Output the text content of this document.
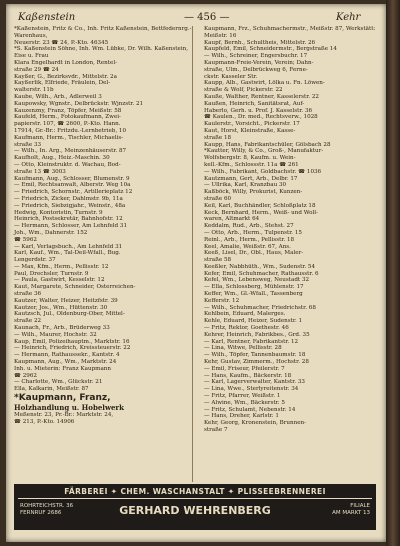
Kaßenstein	— 456 —	Kehr

*Kaßenstein, Fritz & Co., Inh. Fritz Kaßenstein, Bettfedernrg.-Warenhaus,

Neuerstr. 23 ☎ 24, P.-Kto. 46345

*S. Kaßenstein Söhne, Inh. Wm. Lübke, Dr. Wilh. Kaßenstein, Eise u. Frau

Klara Engelhardt in London, Rentel-

straße 29 ☎ 24

Kayßer, G., Bezirksvdr., Mittelstr. 2a

Kayßerlik, Elfriede, Fräulein, Del-

walterstr. 11b

Kaube, Wilh., Arb., Adlerweil 3

Kaupowsky, Wgnstr., Delbrückstr. Wjnzstr. 21

Kauzenzny, Franz, Töpfer, Meißstr. 58

Kaufeld, Herm., Fotokaufmann, Zwei-

papierstr. 107, ☎ 2600, P.-Kto. Hann.

17914, Gr.-Br.: Fritzdu.-Lernbetrieb, 10

Kaufmann, Herm., Tischler, Michaelis-

straße 33

— Wilh., In. Arg., Meinzenhäuserstr. 87

Kaufholt, Aug., Heiz.-Maschin. 30

— Otto, Kleinstruktr. d. Wachau, Bod-

straße 13 ☎ 3003

Kaufmann, Aug., Schlosser, Blumenstr. 9

— Emil, Rechtsanwalt, Alberstr. Weg 10a

— Friedrich, Schornstr., Artillerieplatz 12

— Friedrich, Zicker, Dahlmstr. 9b, 11a

— Friedrich, Siebzigjahr., Weinstr., 48a

Hedwig, Kontoristin, Turnstr. 9

Heinrich, Postsekretär, Bahnhofstr. 12

— Hermann, Schlosser, Am Lehnfeld 31

Joh., Wm., Dahnerstr. 152

☎ 5962

— Karl, Verlagsbuch., Am Lehnfeld 31

Karl, Kauf., Wm., Tal-Deil-Wfall., Bug.

Lengerdstr. 37

— Max, Kfm., Herm., Pellisstr. 12

Paul, Drechsler, Turnstr. 9

— Paula, Gastwirt, Kesselstr. 12

Kaut, Margarete, Schneider, Osterreichen-

straße 36

Kautzer, Walter, Heizer, Heitzfstr. 39

Kautzer, Jos., Wm., Hüttenstr. 30

Kautzsch, Jul., Oldenburg-Ober, Mittel-

straße 22

Kaunach, Fr., Arb., Brüderweg 33

— Wilh., Maurer, Hochstr. 32

Kaup, Emil, Polizeihauptm., Marktstr. 16

— Heinrich, Friedrich, Kreissteuerstr. 22

— Hermann, Rathaussekr., Kantstr. 4

Kaupmann, Aug., Wm., Marktstr. 24

Inh. u. Mieterin: Franz Kaupmann

☎ 2962

— Charlotte, Wm., Glückstr. 21

Ella, Kalkarin, Meißstr. 87

*Kaupmann, Franz,

Holzhandlung u. Hobelwerk

Meßenstr. 23, Pr.-Br.: Marktstr. 24,

☎ 213, P.-Kto. 14906

Kaupmann, Frz., Schuhmachermstr., Meißstr. 87, Werkstätt: Meißstr. 16

Kaupf, Bernh., Schultheis, Mittelstr. 26

Kaupfeld, Emil, Schneidermstr., Bergstraße 14

— Wilh., Schreiner, Engersbuchr. 17

Kaupmann-Freie-Verein, Verein; Dahn-

straße, Ulm., Delbrückweg 6, Ferne-

ckstr. Kasseler Str.

Kaupp, Alb., Gastwirt, Lölka u. Fn. Löwen-

straße & Wolf, Pickerstr. 22

Kauße, Walther, Rentner, Kasselerstr. 22

Kaußen, Heinrich, Sanitätsrat, Auf-

Haberlo, Gerh. u. Prof. J. Kasselstr. 36

☎ Kaulen., Dr. med., Rechtsverw., 1028

Kaulerstr., Vorsicht., Pickerstr. 17

Kaut, Horst, Kleinstraße, Kasse-

straße 18

Kaupp, Hans, Fabrikantschüler, Gölsbach 28

*Kautter, Willy, & Co., Groß-, Manufaktur-

Wolfsbergstr. 8, Kaufm. u. Wein-

kell.-Kfm., Schlossstr. 11a ☎ 261

— Wilh., Fabrikant, Goldbachstr. ☎ 1036

Kautzmann, Gert, Arb., Delbr. 17

— Ullrika, Karl, Kranzbau 30

Kaßböck, Willy, Prokurist, Kunzen-

straße 60

Keil, Karl, Buchhändler, Schloßplatz 18

Keck, Bernhard, Herm., Weiß- und Woll-

waren, Altmarkt 64

Keddalm, Rud., Arb., Stehst. 27

— Otto, Arb., Herm., Tulpenstr. 15

Reinl., Arb., Herm., Pellisstr. 18

Keel, Amalie, Weißstr. 67, Ans.

Keeß, Lisel, Dr., Obl., Haus, Maler-

straße 58

Keeßler, Nabbhüth., Wm., Sudenstr. 54

Kefer, Emil, Schuhmacher, Rathausstr. 6

Kefel, Wm., Lebensweg, Neustadt 32

— Ella, Schlossberg, Mühlenstr. 17

Keffer, Wm., Gl.-Wfall., Tassenberg

Kefferstr. 12

— Wilh., Schuhmacher, Friedrichstr. 68

Kehlbein, Eduard, Malerges.

Kehle, Eduard, Heizer, Sudenstr. 1

— Fritz, Rektor, Goethestr. 46

Kehrer, Heinrich, Fabrikbes., Grd. 35

— Karl, Rentner, Fabrikantstr. 12

— Lina, Witwe, Pellisstr. 28

— Wilh., Töpfer, Tannenbaumstr. 18

Kehr, Gustav, Zimmerm., Hochstr. 28

— Emil, Friseur, Pfeilerstr. 7

— Hans, Kaufm., Bäckerstr. 18

— Karl, Lagerverwalter, Kantstr. 33

— Lina, Wwe., Sterlyreitenstr. 34

— Fritz, Pfarrer, Weißstr. 1

— Alwine, Wm., Bäckerstr. 5

— Fritz, Schulamt, Nebenstr. 14

— Hans, Dreher, Karlstr. 1

Kehr, Georg, Kronenstein, Brunnen-

straße 7

FÄRBEREI ✦ CHEM. WASCHANSTALT ✦ PLISSEEBRENNEREI
ROHRTEICHSTR. 36
FERNRUF 2686	GERHARD WEHRENBERG	FILIALE
AM MARKT 13
